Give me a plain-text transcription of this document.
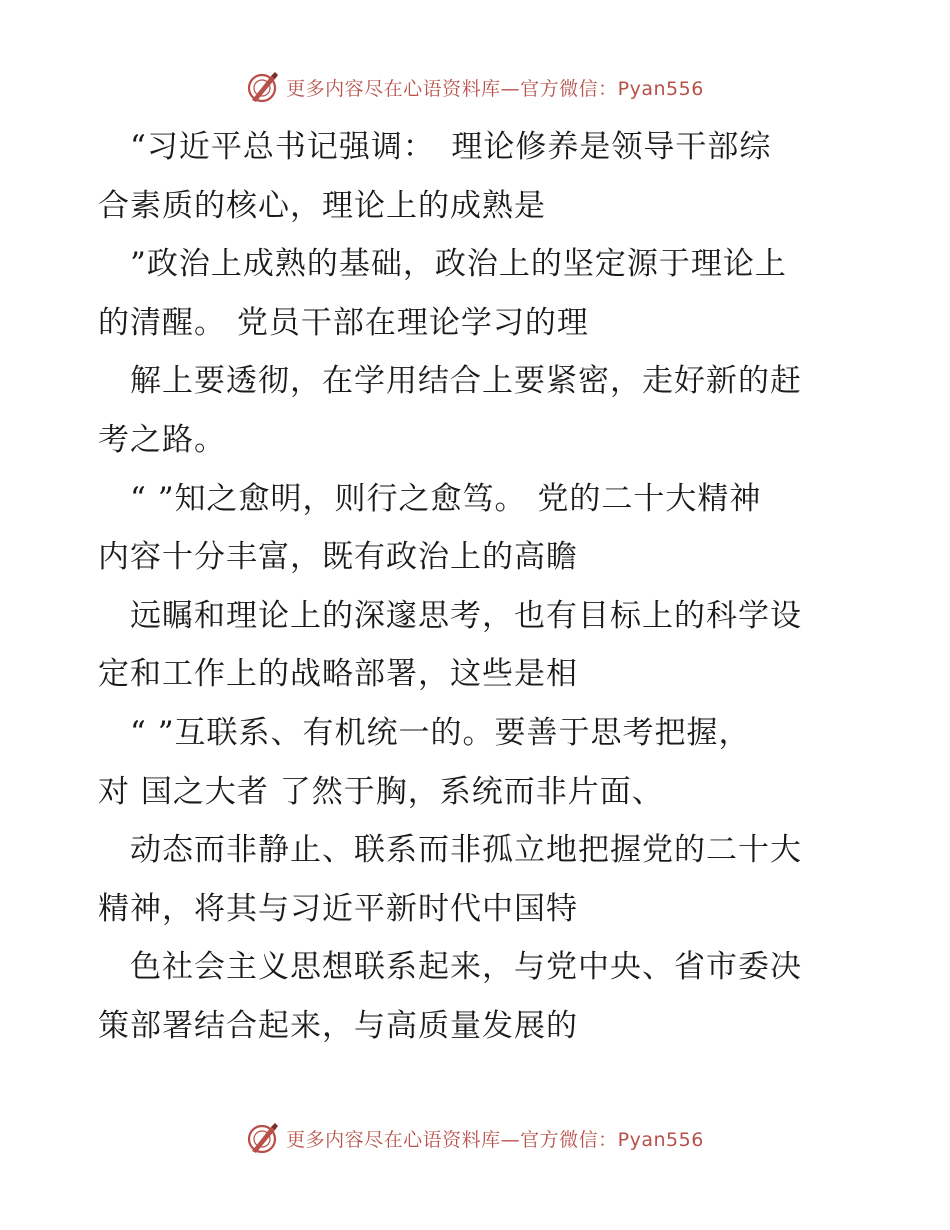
更多内容尽在心语资料库—官方微信：Pyan556
　“习近平总书记强调：　理论修养是领导干部综
合素质的核心，理论上的成熟是
　”政治上成熟的基础，政治上的坚定源于理论上
的清醒。 党员干部在理论学习的理
　解上要透彻，在学用结合上要紧密，走好新的赶
考之路。
　“ ”知之愈明，则行之愈笃。 党的二十大精神
内容十分丰富，既有政治上的高瞻
　远瞩和理论上的深邃思考，也有目标上的科学设
定和工作上的战略部署，这些是相
　“ ”互联系、有机统一的。要善于思考把握，
对 国之大者 了然于胸，系统而非片面、
　动态而非静止、联系而非孤立地把握党的二十大
精神，将其与习近平新时代中国特
　色社会主义思想联系起来，与党中央、省市委决
策部署结合起来，与高质量发展的
更多内容尽在心语资料库—官方微信：Pyan556
